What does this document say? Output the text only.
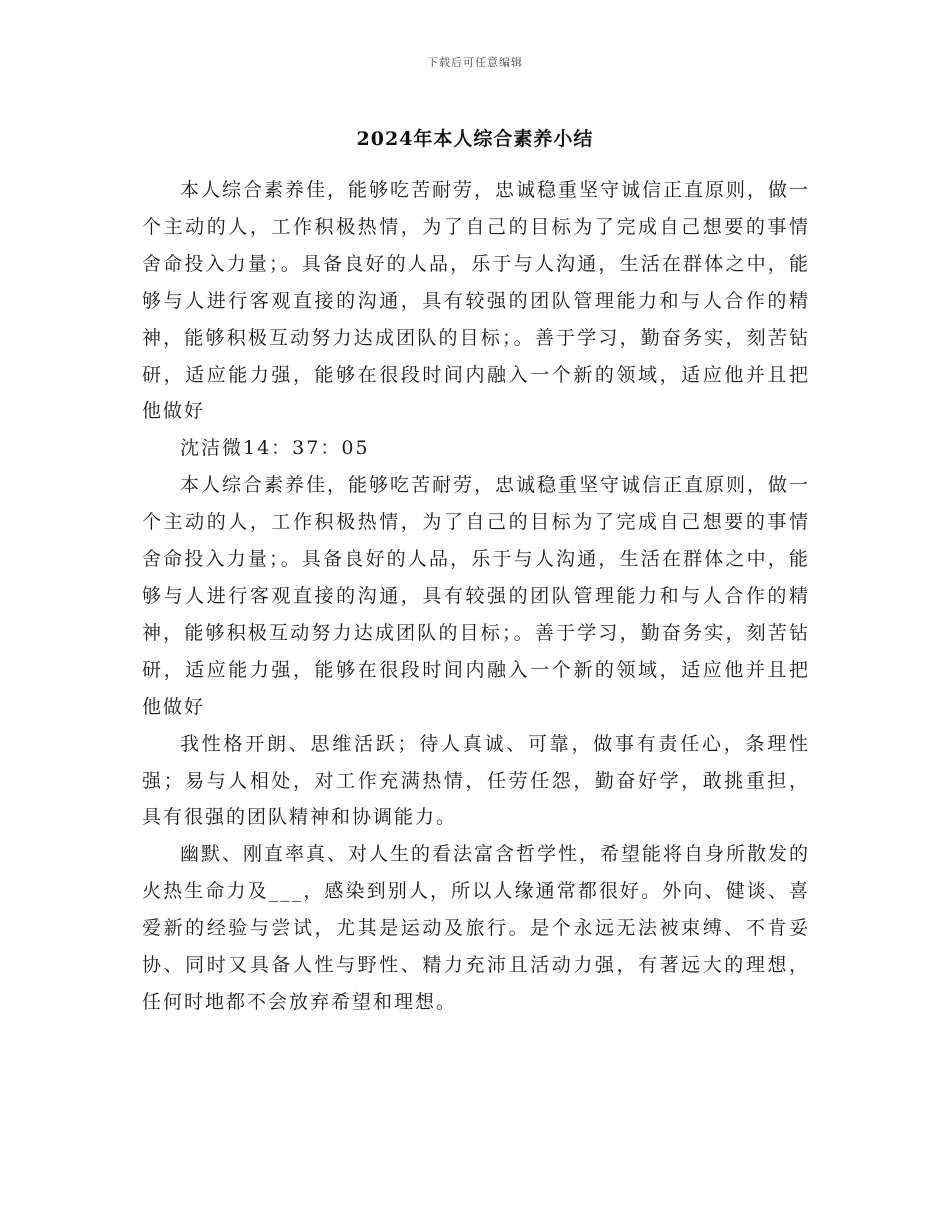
下载后可任意编辑
2024年本人综合素养小结

本人综合素养佳，能够吃苦耐劳，忠诚稳重坚守诚信正直原则，做一个主动的人，工作积极热情，为了自己的目标为了完成自己想要的事情舍命投入力量；。具备良好的人品，乐于与人沟通，生活在群体之中，能够与人进行客观直接的沟通，具有较强的团队管理能力和与人合作的精神，能够积极互动努力达成团队的目标；。善于学习，勤奋务实，刻苦钻研，适应能力强，能够在很段时间内融入一个新的领域，适应他并且把他做好

沈洁微14：37：05

本人综合素养佳，能够吃苦耐劳，忠诚稳重坚守诚信正直原则，做一个主动的人，工作积极热情，为了自己的目标为了完成自己想要的事情舍命投入力量；。具备良好的人品，乐于与人沟通，生活在群体之中，能够与人进行客观直接的沟通，具有较强的团队管理能力和与人合作的精神，能够积极互动努力达成团队的目标；。善于学习，勤奋务实，刻苦钻研，适应能力强，能够在很段时间内融入一个新的领域，适应他并且把他做好

我性格开朗、思维活跃；待人真诚、可靠，做事有责任心，条理性强；易与人相处，对工作充满热情，任劳任怨，勤奋好学，敢挑重担，具有很强的团队精神和协调能力。

幽默、刚直率真、对人生的看法富含哲学性，希望能将自身所散发的火热生命力及___，感染到别人，所以人缘通常都很好。外向、健谈、喜爱新的经验与尝试，尤其是运动及旅行。是个永远无法被束缚、不肯妥协、同时又具备人性与野性、精力充沛且活动力强，有著远大的理想，任何时地都不会放弃希望和理想。
